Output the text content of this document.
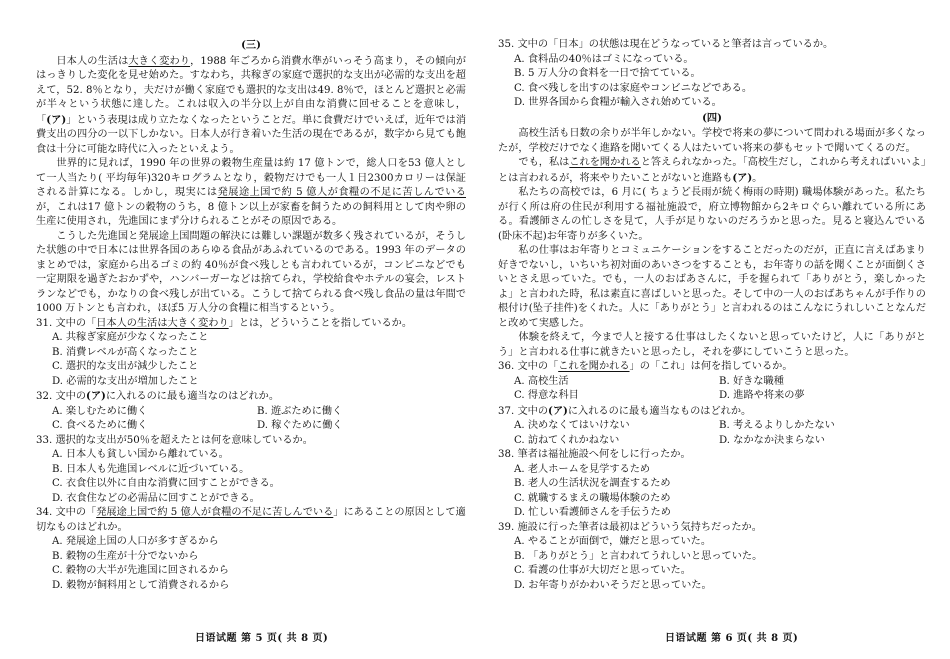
(三)

日本人の生活は大きく変わり，1988 年ごろから消費水準がいっそう高まり，その傾向がはっきりした変化を見せ始めた。すなわち，共稼ぎの家庭で選択的な支出が必需的な支出を超えて，52. 8％となり，夫だけが働く家庭でも選択的な支出は49. 8％で，ほとんど選択と必需が半々という状態に達した。これは収入の半分以上が自由な消費に回せることを意味し，「(ア)」という表現は成り立たなくなったということだ。単に食費だけでいえば，近年では消費支出の四分の一以下しかない。日本人が行き着いた生活の現在であるが，数字から見ても飽食は十分に可能な時代に入ったといえよう。

世界的に見れば，1990 年の世界の穀物生産量は約 17 億トンで，総人口を53 億人として一人当たり( 平均毎年)320キログラムとなり，穀物だけでも一人１日2300カロリーは保証される計算になる。しかし，現実には発展途上国で約 5 億人が食糧の不足に苦しんでいるが，これは17 億トンの穀物のうち，8 億トン以上が家畜を飼うための飼料用として肉や卵の生産に使用され，先進国にまず分けられることがその原因である。

こうした先進国と発展途上国問題の解決には難しい課題が数多く残されているが，そうした状態の中で日本には世界各国のあらゆる食品があふれているのである。1993 年のデータのまとめでは，家庭から出るゴミの約 40％が食べ残しとも言われているが，コンビニなどでも一定期限を過ぎたおかずや，ハンバーガーなどは捨てられ，学校給食やホテルの宴会，レストランなどでも，かなりの食べ残しが出ている。こうして捨てられる食べ残し食品の量は年間で1000 万トンとも言われ，ほぼ5 万人分の食糧に相当するという。

31. 文中の「日本人の生活は大きく変わり」とは，どういうことを指しているか。
A. 共稼ぎ家庭が少なくなったこと
B. 消費レベルが高くなったこと
C. 選択的な支出が減少したこと
D. 必需的な支出が増加したこと
32. 文中の(ア)に入れるのに最も適当なのはどれか。
A. 楽しむために働く	B. 遊ぶために働く
C. 食べるために働く	D. 稼ぐために働く
33. 選択的な支出が50％を超えたとは何を意味しているか。
A. 日本人も貧しい国から離れている。
B. 日本人も先進国レベルに近づいている。
C. 衣食住以外に自由な消費に回すことができる。
D. 衣食住などの必需品に回すことができる。
34. 文中の「発展途上国で約 5 億人が食糧の不足に苦しんでいる」にあることの原因として適切なものはどれか。
A. 発展途上国の人口が多すぎるから
B. 穀物の生産が十分でないから
C. 穀物の大半が先進国に回されるから
D. 穀物が飼料用として消費されるから
35. 文中の「日本」の状態は現在どうなっていると筆者は言っているか。
A. 食料品の40％はゴミになっている。
B. 5 万人分の食料を一日で捨てている。
C. 食べ残しを出すのは家庭やコンビニなどである。
D. 世界各国から食糧が輸入され始めている。
(四)

高校生活も日数の余りが半年しかない。学校で将来の夢について問われる場面が多くなったが，学校だけでなく進路を聞いてくる人はたいてい将来の夢もセットで聞いてくるのだ。

でも，私はこれを聞かれると答えられなかった。「高校生だし，これから考えればいいよ」とは言われるが，将来やりたいことがないと進路も(ア)。

私たちの高校では，6 月に( ちょうど長雨が続く梅雨の時期) 職場体験があった。私たちが行く所は府の住民が利用する福祉施設で，府立博物館から2キロぐらい離れている所にある。看護師さんの忙しさを見て，人手が足りないのだろうかと思った。見ると寝込んでいる(卧床不起)お年寄りが多くいた。

私の仕事はお年寄りとコミュニケーションをすることだったのだが，正直に言えばあまり好きでないし，いちいち初対面のあいさつをすることも，お年寄りの話を聞くことが面倒くさいとさえ思っていた。でも，一人のおばあさんに，手を握られて「ありがとう，楽しかったよ」と言われた時，私は素直に喜ばしいと思った。そして中の一人のおばあちゃんが手作りの根付け(坠子挂件)をくれた。人に「ありがとう」と言われるのはこんなにうれしいことなんだと改めて実感した。

体験を終えて，今まで人と接する仕事はしたくないと思っていたけど，人に「ありがとう」と言われる仕事に就きたいと思ったし，それを夢にしていこうと思った。

36. 文中の「これを聞かれる」の「これ」は何を指しているか。
A. 高校生活	B. 好きな職種
C. 得意な科目	D. 進路や将来の夢
37. 文中の(ア)に入れるのに最も適当なものはどれか。
A. 決めなくてはいけない	B. 考えるよりしかたない
C. 訪ねてくれかねない	D. なかなか決まらない
38. 筆者は福祉施設へ何をしに行ったか。
A. 老人ホームを見学するため
B. 老人の生活状況を調査するため
C. 就職するまえの職場体験のため
D. 忙しい看護師さんを手伝うため
39. 施設に行った筆者は最初はどういう気持ちだったか。
A. やることが面倒で，嫌だと思っていた。
B. 「ありがとう」と言われてうれしいと思っていた。
C. 看護の仕事が大切だと思っていた。
D. お年寄りがかわいそうだと思っていた。
日语试题 第 5 页( 共 8 页)	日语试题 第 6 页( 共 8 页)
